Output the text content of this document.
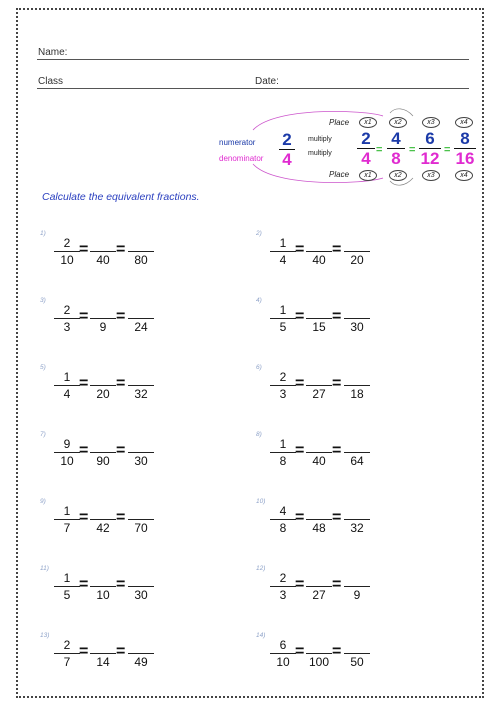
Name:
Class	Date:
Place
Place
x1	x2	x3	x4
x1	x2	x3	x4
numerator
denominator
2
4
multiply
multiply
2
4 =
4
8 =
6
12 =
8
16
Calculate the equivalent fractions.
1)
2
10
=
40
=
80
2)
1
4
=
40
=
20
3)
2
3
=
9
=
24
4)
1
5
=
15
=
30
5)
1
4
=
20
=
32
6)
2
3
=
27
=
18
7)
9
10
=
90
=
30
8)
1
8
=
40
=
64
9)
1
7
=
42
=
70
10)
4
8
=
48
=
32
11)
1
5
=
10
=
30
12)
2
3
=
27
=
9
13)
2
7
=
14
=
49
14)
6
10
=
100
=
50
